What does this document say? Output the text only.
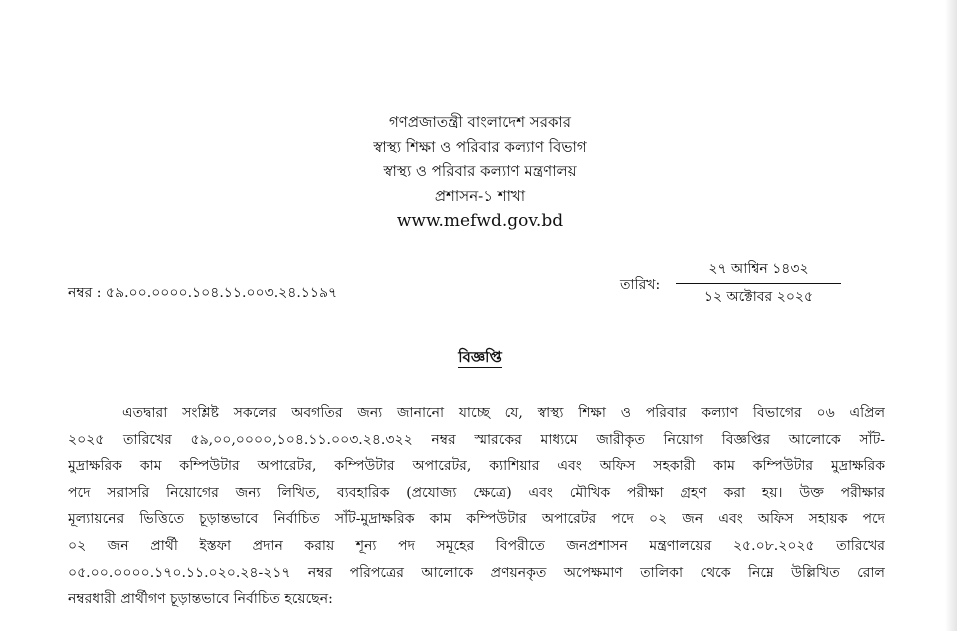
গণপ্রজাতন্ত্রী বাংলাদেশ সরকার
স্বাস্থ্য শিক্ষা ও পরিবার কল্যাণ বিভাগ
স্বাস্থ্য ও পরিবার কল্যাণ মন্ত্রণালয়
প্রশাসন-১ শাখা
www.mefwd.gov.bd
নম্বর : ৫৯.০০.০০০০.১০৪.১১.০০৩.২৪.১১৯৭	তারিখ:
২৭ আশ্বিন ১৪৩২
১২ অক্টোবর ২০২৫
বিজ্ঞপ্তি
এতদ্বারা সংশ্লিষ্ট সকলের অবগতির জন্য জানানো যাচ্ছে যে, স্বাস্থ্য শিক্ষা ও পরিবার কল্যাণ বিভাগের ০৬ এপ্রিল
২০২৫ তারিখের ৫৯,০০,০০০০,১০৪.১১.০০৩.২৪.৩২২ নম্বর স্মারকের মাধ্যমে জারীকৃত নিয়োগ বিজ্ঞপ্তির আলোকে সাঁট-
মুদ্রাক্ষরিক কাম কম্পিউটার অপারেটর, কম্পিউটার অপারেটর, ক্যাশিয়ার এবং অফিস সহকারী কাম কম্পিউটার মুদ্রাক্ষরিক
পদে সরাসরি নিয়োগের জন্য লিখিত, ব্যবহারিক (প্রযোজ্য ক্ষেত্রে) এবং মৌখিক পরীক্ষা গ্রহণ করা হয়। উক্ত পরীক্ষার
মূল্যায়নের ভিত্তিতে চূড়ান্তভাবে নির্বাচিত সাঁট-মুদ্রাক্ষরিক কাম কম্পিউটার অপারেটর পদে ০২ জন এবং অফিস সহায়ক পদে
০২ জন প্রার্থী ইস্তফা প্রদান করায় শূন্য পদ সমূহের বিপরীতে জনপ্রশাসন মন্ত্রণালয়ের ২৫.০৮.২০২৫ তারিখের
০৫.০০.০০০০.১৭০.১১.০২০.২৪-২১৭ নম্বর পরিপত্রের আলোকে প্রণয়নকৃত অপেক্ষমাণ তালিকা থেকে নিম্নে উল্লিখিত রোল
নম্বরধারী প্রার্থীগণ চূড়ান্তভাবে নির্বাচিত হয়েছেন:
